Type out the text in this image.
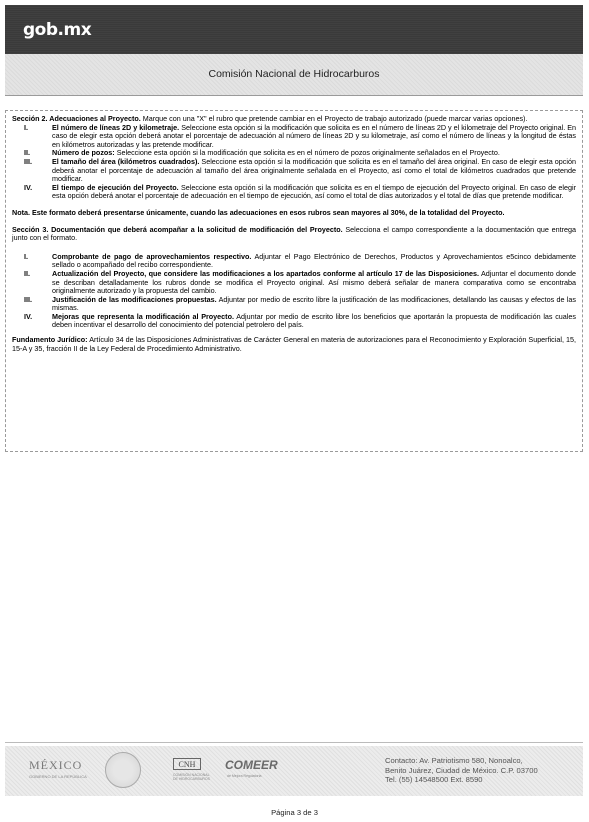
gob.mx
Comisión Nacional de Hidrocarburos

Sección 2. Adecuaciones al Proyecto. Marque con una "X" el rubro que pretende cambiar en el Proyecto de trabajo autorizado (puede marcar varias opciones).

I.	El número de líneas 2D y kilometraje. Seleccione esta opción si la modificación que solicita es en el número de líneas 2D y el kilometraje del Proyecto original. En caso de elegir esta opción deberá anotar el porcentaje de adecuación al número de líneas 2D y su kilometraje, así como el número de líneas y la longitud de éstas en kilómetros autorizadas y las pretende modificar.
II.	Número de pozos: Seleccione esta opción si la modificación que solicita es en el número de pozos originalmente señalados en el Proyecto.
III.	El tamaño del área (kilómetros cuadrados). Seleccione esta opción si la modificación que solicita es en el tamaño del área original. En caso de elegir esta opción deberá anotar el porcentaje de adecuación al tamaño del área originalmente señalada en el Proyecto, así como el total de kilómetros cuadrados que pretende modificar.
IV.	El tiempo de ejecución del Proyecto. Seleccione esta opción si la modificación que solicita es en el tiempo de ejecución del Proyecto original. En caso de elegir esta opción deberá anotar el porcentaje de adecuación en el tiempo de ejecución, así como el total de días autorizados y el total de días que pretende modificar.

Nota. Este formato deberá presentarse únicamente, cuando las adecuaciones en esos rubros sean mayores al 30%, de la totalidad del Proyecto.

Sección 3. Documentación que deberá acompañar a la solicitud de modificación del Proyecto. Selecciona el campo correspondiente a la documentación que entrega junto con el formato.

I.	Comprobante de pago de aprovechamientos respectivo. Adjuntar el Pago Electrónico de Derechos, Productos y Aprovechamientos e5cinco debidamente sellado o acompañado del recibo correspondiente.
II.	Actualización del Proyecto, que considere las modificaciones a los apartados conforme al artículo 17 de las Disposiciones. Adjuntar el documento donde se describan detalladamente los rubros donde se modifica el Proyecto original. Así mismo deberá señalar de manera comparativa como se encontraba originalmente autorizado y la propuesta del cambio.
III.	Justificación de las modificaciones propuestas. Adjuntar por medio de escrito libre la justificación de las modificaciones, detallando las causas y efectos de las mismas.
IV.	Mejoras que representa la modificación al Proyecto. Adjuntar por medio de escrito libre los beneficios que aportarán la propuesta de modificación las cuales deben incentivar el desarrollo del conocimiento del potencial petrolero del país.

Fundamento Jurídico: Artículo 34 de las Disposiciones Administrativas de Carácter General en materia de autorizaciones para el Reconocimiento y Exploración Superficial, 15, 15-A y 35, fracción II de la Ley Federal de Procedimiento Administrativo.

MÉXICO
GOBIERNO DE LA REPÚBLICA
CNH
COMISIÓN NACIONAL DE HIDROCARBUROS
COMEER
de Mejora Regulatoria
Contacto: Av. Patriotismo 580, Nonoalco,
Benito Juárez, Ciudad de México. C.P. 03700
Tel. (55) 14548500 Ext. 8590
Página 3 de 3
